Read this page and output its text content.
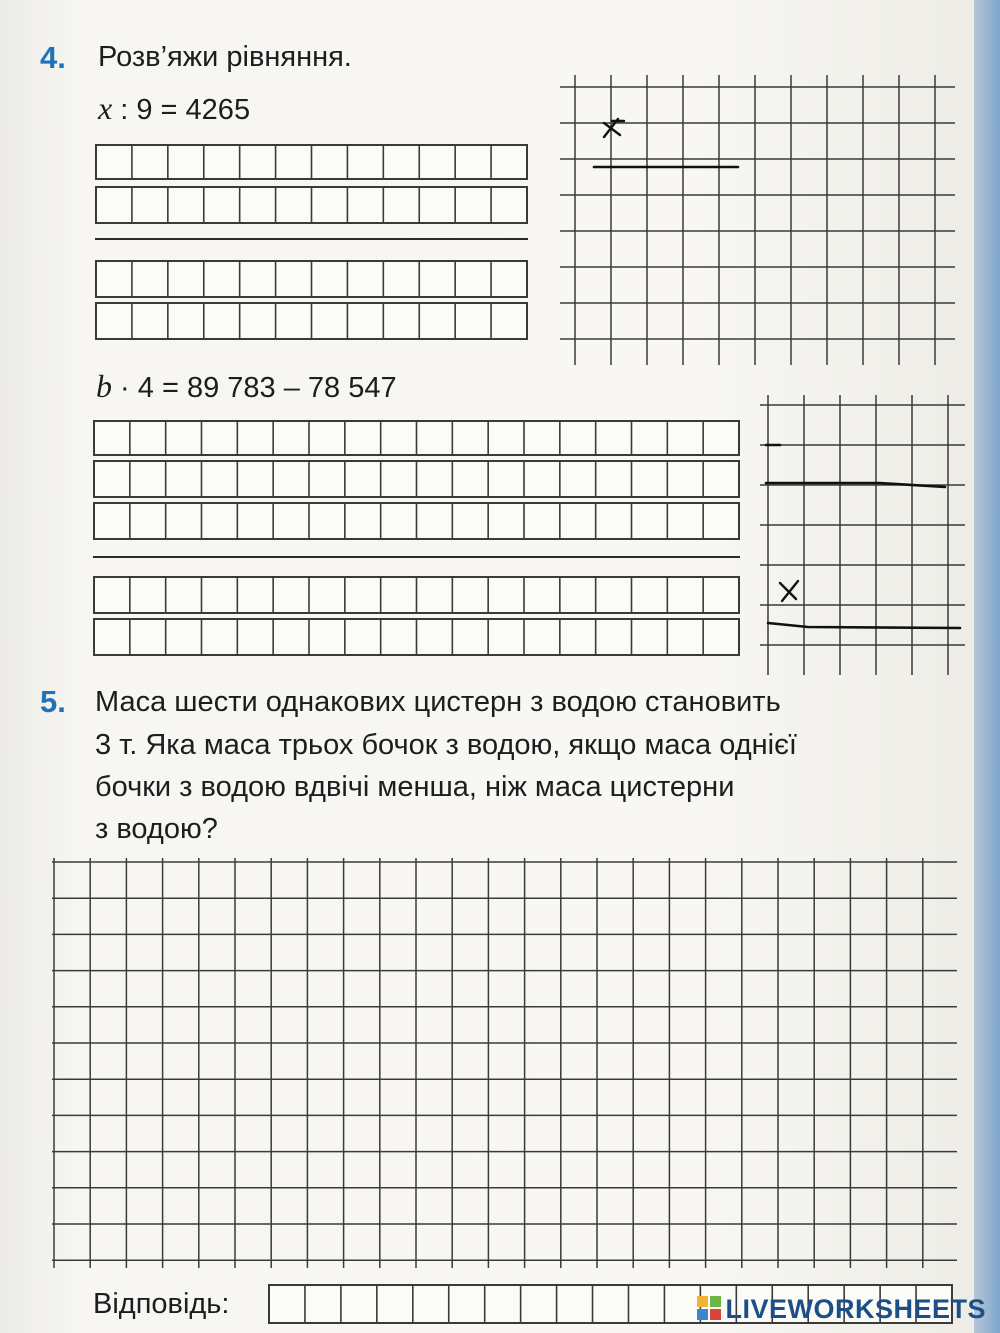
4. Розв’яжи рівняння.
x : 9 = 4265
b · 4 = 89 783 – 78 547
5. Маса шести однакових цистерн з водою становить
3 т. Яка маса трьох бочок з водою, якщо маса однієї
бочки з водою вдвічі менша, ніж маса цистерни
з водою?
Відповідь:	LIVEWORKSHEETS
